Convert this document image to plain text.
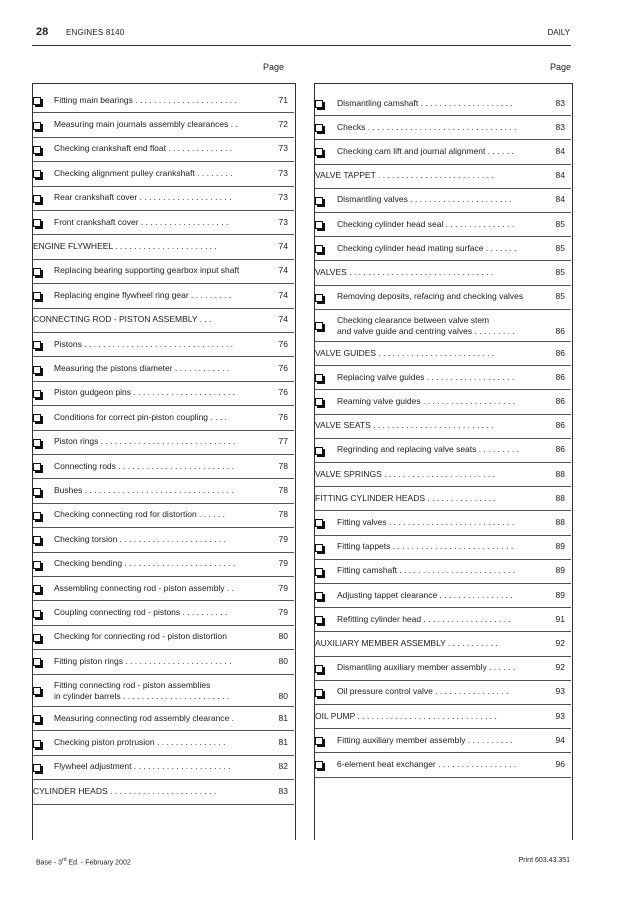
28 ENGINES 8140	DAILY
Page	Page
Fitting main bearings . . . . . . . . . . . . . . . . . . . . . .	71
Measuring main journals assembly clearances . .	72
Checking crankshaft end float . . . . . . . . . . . . . .	73
Checking alignment pulley crankshaft . . . . . . . .	73
Rear crankshaft cover . . . . . . . . . . . . . . . . . . . .	73
Front crankshaft cover . . . . . . . . . . . . . . . . . . .	73
ENGINE FLYWHEEL . . . . . . . . . . . . . . . . . . . . . .	74
Replacing bearing supporting gearbox input shaft	74
Replacing engine flywheel ring gear . . . . . . . . .	74
CONNECTING ROD - PISTON ASSEMBLY . . .	74
Pistons . . . . . . . . . . . . . . . . . . . . . . . . . . . . . . . .	76
Measuring the pistons diameter . . . . . . . . . . . .	76
Piston gudgeon pins . . . . . . . . . . . . . . . . . . . . . .	76
Conditions for correct pin-piston coupling . . . .	76
Piston rings . . . . . . . . . . . . . . . . . . . . . . . . . . . . .	77
Connecting rods . . . . . . . . . . . . . . . . . . . . . . . . .	78
Bushes . . . . . . . . . . . . . . . . . . . . . . . . . . . . . . . .	78
Checking connecting rod for distortion . . . . . .	78
Checking torsion . . . . . . . . . . . . . . . . . . . . . . .	79
Checking bending . . . . . . . . . . . . . . . . . . . . . . . .	79
Assembling connecting rod - piston assembly . .	79
Coupling connecting rod - pistons . . . . . . . . . .	79
Checking for connecting rod - piston distortion	80
Fitting piston rings . . . . . . . . . . . . . . . . . . . . . . .	80
Fitting connecting rod - piston assemblies
in cylinder barrels . . . . . . . . . . . . . . . . . . . . . . .	80
Measuring connecting rod assembly clearance .	81
Checking piston protrusion . . . . . . . . . . . . . . .	81
Flywheel adjustment . . . . . . . . . . . . . . . . . . . . .	82
CYLINDER HEADS . . . . . . . . . . . . . . . . . . . . . . .	83
Dismantling camshaft . . . . . . . . . . . . . . . . . . . .	83
Checks . . . . . . . . . . . . . . . . . . . . . . . . . . . . . . . .	83
Checking cam lift and journal alignment . . . . . .	84
VALVE TAPPET . . . . . . . . . . . . . . . . . . . . . . . . .	84
Dismantling valves . . . . . . . . . . . . . . . . . . . . . .	84
Checking cylinder head seal . . . . . . . . . . . . . . .	85
Checking cylinder head mating surface . . . . . . .	85
VALVES . . . . . . . . . . . . . . . . . . . . . . . . . . . . . . .	85
Removing deposits, refacing and checking valves	85
Checking clearance between valve stem
and valve guide and centring valves . . . . . . . . .	86
VALVE GUIDES . . . . . . . . . . . . . . . . . . . . . . . . .	86
Replacing valve guides . . . . . . . . . . . . . . . . . . .	86
Reaming valve guides . . . . . . . . . . . . . . . . . . . .	86
VALVE SEATS . . . . . . . . . . . . . . . . . . . . . . . . . .	86
Regrinding and replacing valve seats . . . . . . . . .	86
VALVE SPRINGS . . . . . . . . . . . . . . . . . . . . . . . .	88
FITTING CYLINDER HEADS . . . . . . . . . . . . . . .	88
Fitting valves . . . . . . . . . . . . . . . . . . . . . . . . . . .	88
Fitting tappets . . . . . . . . . . . . . . . . . . . . . . . . . .	89
Fitting camshaft . . . . . . . . . . . . . . . . . . . . . . . . .	89
Adjusting tappet clearance . . . . . . . . . . . . . . . .	89
Refitting cylinder head . . . . . . . . . . . . . . . . . . .	91
AUXILIARY MEMBER ASSEMBLY . . . . . . . . . . .	92
Dismantling auxiliary member assembly . . . . . .	92
Oil pressure control valve . . . . . . . . . . . . . . . .	93
OIL PUMP . . . . . . . . . . . . . . . . . . . . . . . . . . . . . .	93
Fitting auxiliary member assembly . . . . . . . . . .	94
6-element heat exchanger . . . . . . . . . . . . . . . . .	96
Base - 3rd Ed. - February 2002	Print 603.43.351
